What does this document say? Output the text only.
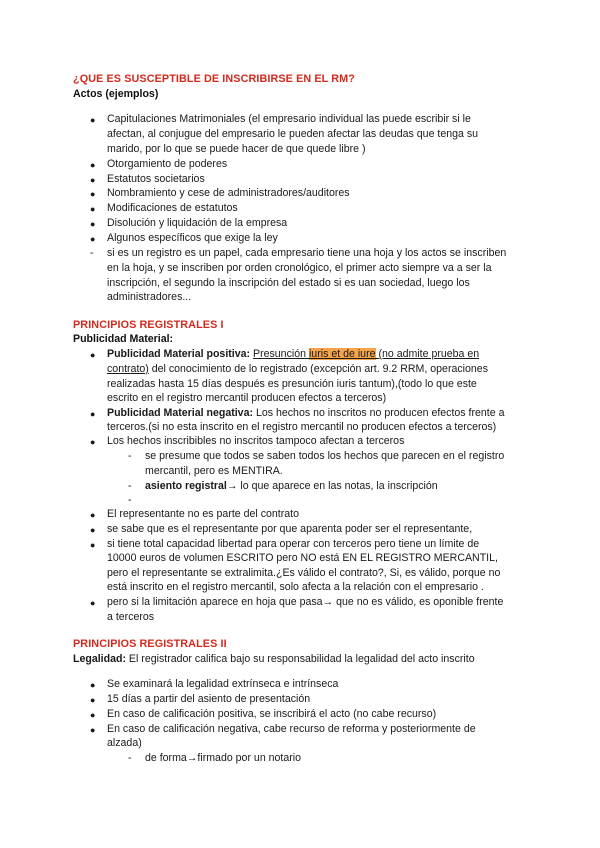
¿QUE ES SUSCEPTIBLE DE INSCRIBIRSE EN EL RM?
Actos (ejemplos)
● Capitulaciones Matrimoniales (el empresario individual las puede escribir si le
afectan, al conjugue del empresario le pueden afectar las deudas que tenga su
marido, por lo que se puede hacer de que quede libre )
● Otorgamiento de poderes
● Estatutos societarios
● Nombramiento y cese de administradores/auditores
● Modificaciones de estatutos
● Disolución y liquidación de la empresa
● Algunos específicos que exige la ley
- si es un registro es un papel, cada empresario tiene una hoja y los actos se inscriben
en la hoja, y se inscriben por orden cronológico, el primer acto siempre va a ser la
inscripción, el segundo la inscripción del estado si es uan sociedad, luego los
administradores...
PRINCIPIOS REGISTRALES I
Publicidad Material:
● Publicidad Material positiva: Presunción iuris et de iure (no admite prueba en
contrato) del conocimiento de lo registrado (excepción art. 9.2 RRM, operaciones
realizadas hasta 15 días después es presunción iuris tantum),(todo lo que este
escrito en el registro mercantil producen efectos a terceros)
● Publicidad Material negativa: Los hechos no inscritos no producen efectos frente a
terceros.(si no esta inscrito en el registro mercantil no producen efectos a terceros)
● Los hechos inscribibles no inscritos tampoco afectan a terceros
- se presume que todos se saben todos los hechos que parecen en el registro
mercantil, pero es MENTIRA.
- asiento registral→ lo que aparece en las notas, la inscripción
-
● El representante no es parte del contrato
● se sabe que es el representante por que aparenta poder ser el representante,
● si tiene total capacidad libertad para operar con terceros pero tiene un límite de
10000 euros de volumen ESCRITO pero NO está EN EL REGISTRO MERCANTIL,
pero el representante se extralimita.¿Es válido el contrato?, Si, es válido, porque no
está inscrito en el registro mercantil, solo afecta a la relación con el empresario .
● pero si la limitación aparece en hoja que pasa→ que no es válido, es oponible frente
a terceros
PRINCIPIOS REGISTRALES II
Legalidad: El registrador califica bajo su responsabilidad la legalidad del acto inscrito
● Se examinará la legalidad extrínseca e intrínseca
● 15 días a partir del asiento de presentación
● En caso de calificación positiva, se inscribirá el acto (no cabe recurso)
● En caso de calificación negativa, cabe recurso de reforma y posteriormente de
alzada)
- de forma→firmado por un notario
